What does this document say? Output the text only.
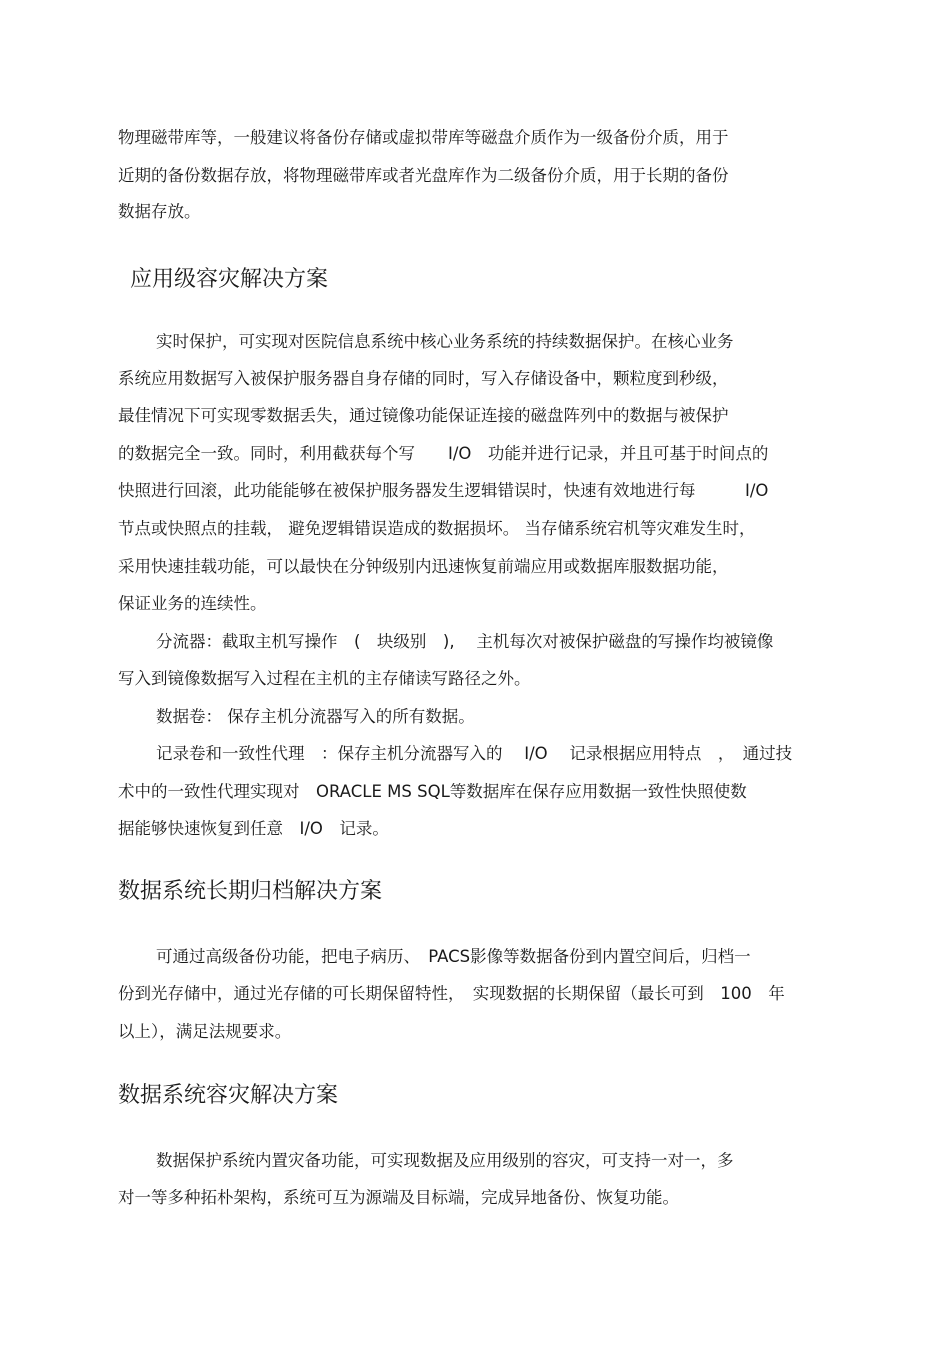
物理磁带库等，一般建议将备份存储或虚拟带库等磁盘介质作为一级备份介质，用于

近期的备份数据存放，将物理磁带库或者光盘库作为二级备份介质，用于长期的备份

数据存放。

应用级容灾解决方案

实时保护，可实现对医院信息系统中核心业务系统的持续数据保护。在核心业务

系统应用数据写入被保护服务器自身存储的同时，写入存储设备中，颗粒度到秒级，

最佳情况下可实现零数据丢失，通过镜像功能保证连接的磁盘阵列中的数据与被保护

的数据完全一致。同时，利用截获每个写　　I/O　功能并进行记录，并且可基于时间点的

快照进行回滚，此功能能够在被保护服务器发生逻辑错误时，快速有效地进行每　　　I/O

节点或快照点的挂载， 避免逻辑错误造成的数据损坏。 当存储系统宕机等灾难发生时，

采用快速挂载功能，可以最快在分钟级别内迅速恢复前端应用或数据库服数据功能，

保证业务的连续性。

分流器：截取主机写操作　(　块级别　),　 主机每次对被保护磁盘的写操作均被镜像

写入到镜像数据写入过程在主机的主存储读写路径之外。

数据卷： 保存主机分流器写入的所有数据。

记录卷和一致性代理　：保存主机分流器写入的　 I/O　 记录根据应用特点　，　通过技

术中的一致性代理实现对　ORACLE MS SQL等数据库在保存应用数据一致性快照使数

据能够快速恢复到任意　I/O　记录。

数据系统长期归档解决方案

可通过高级备份功能，把电子病历、　PACS影像等数据备份到内置空间后，归档一

份到光存储中，通过光存储的可长期保留特性，　实现数据的长期保留（最长可到　100　年

以上），满足法规要求。

数据系统容灾解决方案

数据保护系统内置灾备功能，可实现数据及应用级别的容灾，可支持一对一，多

对一等多种拓朴架构，系统可互为源端及目标端，完成异地备份、恢复功能。
